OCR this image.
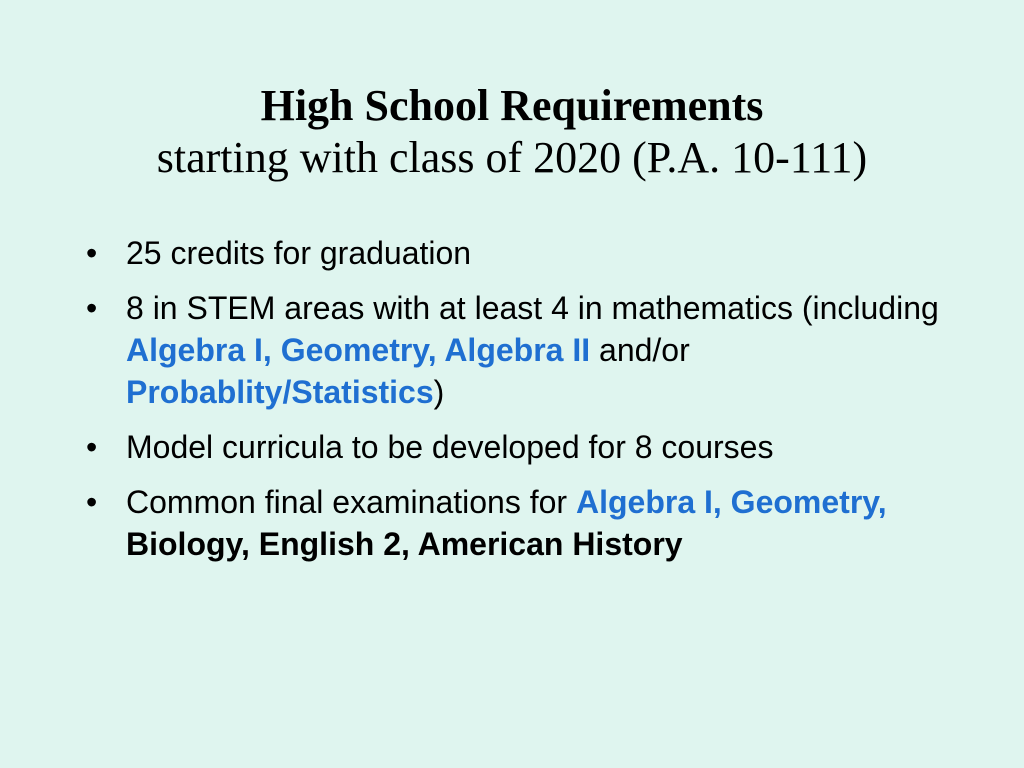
High School Requirements
starting with class of 2020 (P.A. 10-111)
• 25 credits for graduation
• 8 in STEM areas with at least 4 in mathematics (including Algebra I, Geometry, Algebra II and/or Probablity/Statistics)
• Model curricula to be developed for 8 courses
• Common final examinations for Algebra I, Geometry, Biology, English 2, American History
